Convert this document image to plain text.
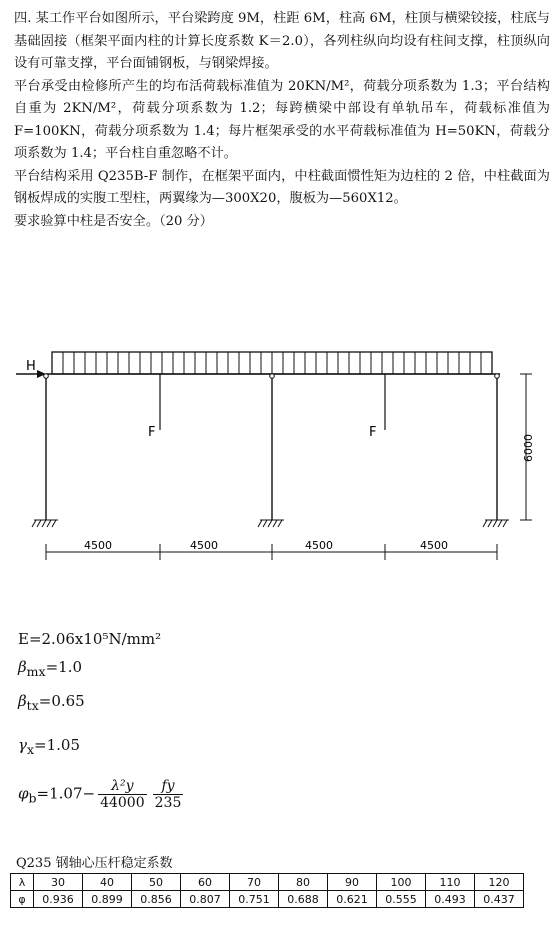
四. 某工作平台如图所示，平台梁跨度 9M，柱距 6M，柱高 6M，柱顶与横梁铰接，柱底与基础固接（框架平面内柱的计算长度系数 K＝2.0），各列柱纵向均设有柱间支撑，柱顶纵向设有可靠支撑，平台面铺钢板，与钢梁焊接。

平台承受由检修所产生的均布活荷载标准值为 20KN/M²，荷载分项系数为 1.3；平台结构自重为 2KN/M²，荷载分项系数为 1.2；每跨横梁中部设有单轨吊车，荷载标准值为 F=100KN，荷载分项系数为 1.4；每片框架承受的水平荷载标准值为 H=50KN，荷载分项系数为 1.4；平台柱自重忽略不计。

平台结构采用 Q235B-F 制作，在框架平面内，中柱截面惯性矩为边柱的 2 倍，中柱截面为钢板焊成的实腹工型柱，两翼缘为—300X20，腹板为—560X12。

要求验算中柱是否安全。（20 分）

H
F	F
6000
4500	4500	4500	4500
E=2.06x10⁵N/mm²
$\beta_{mx}=1.0$
$\beta_{tx}=0.65$
$\gamma_x=1.05$
$\varphi_b=1.07- \frac{\text{λ²y}}{44000} \frac{fy}{235}$
Q235 钢轴心压杆稳定系数
λ	30	40	50	60	70	80	90	100	110	120
φ	0.936	0.899	0.856	0.807	0.751	0.688	0.621	0.555	0.493	0.437
